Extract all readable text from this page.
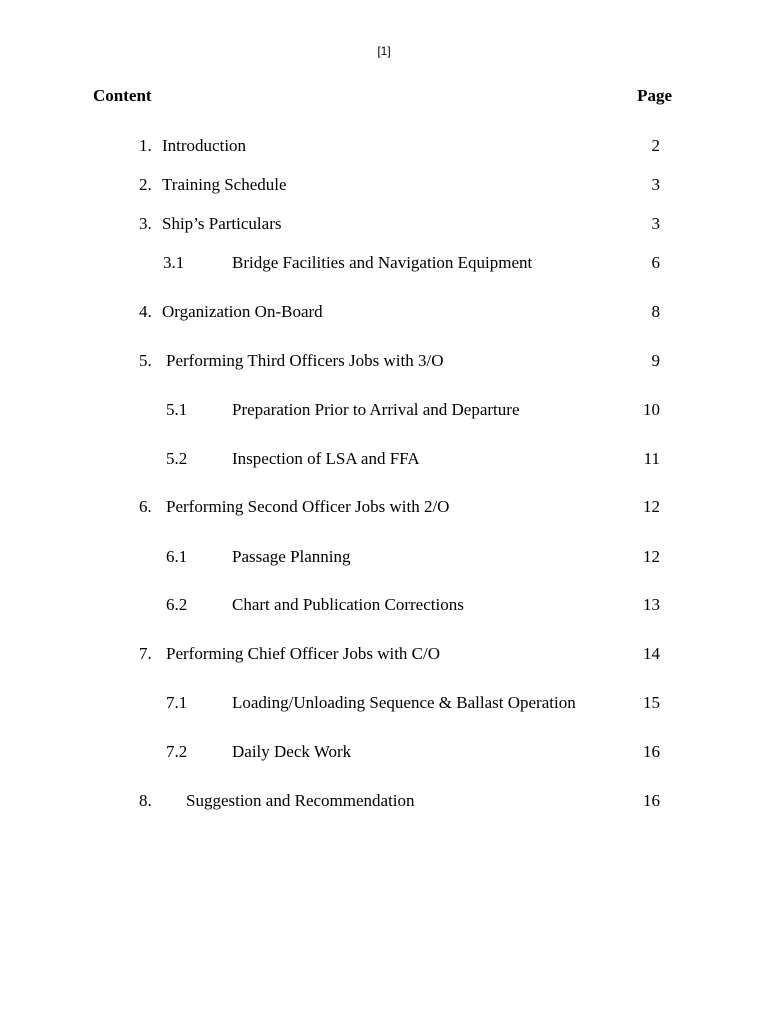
[1]
Content	Page
1. Introduction	2
2. Training Schedule	3
3. Ship’s Particulars	3
3.1	Bridge Facilities and Navigation Equipment	6
4. Organization On-Board	8
5. Performing Third Officers Jobs with 3/O	9
5.1	Preparation Prior to Arrival and Departure	10
5.2	Inspection of LSA and FFA	11
6. Performing Second Officer Jobs with 2/O	12
6.1	Passage Planning	12
6.2	Chart and Publication Corrections	13
7. Performing Chief Officer Jobs with C/O	14
7.1	Loading/Unloading Sequence & Ballast Operation	15
7.2	Daily Deck Work	16
8. Suggestion and Recommendation	16
